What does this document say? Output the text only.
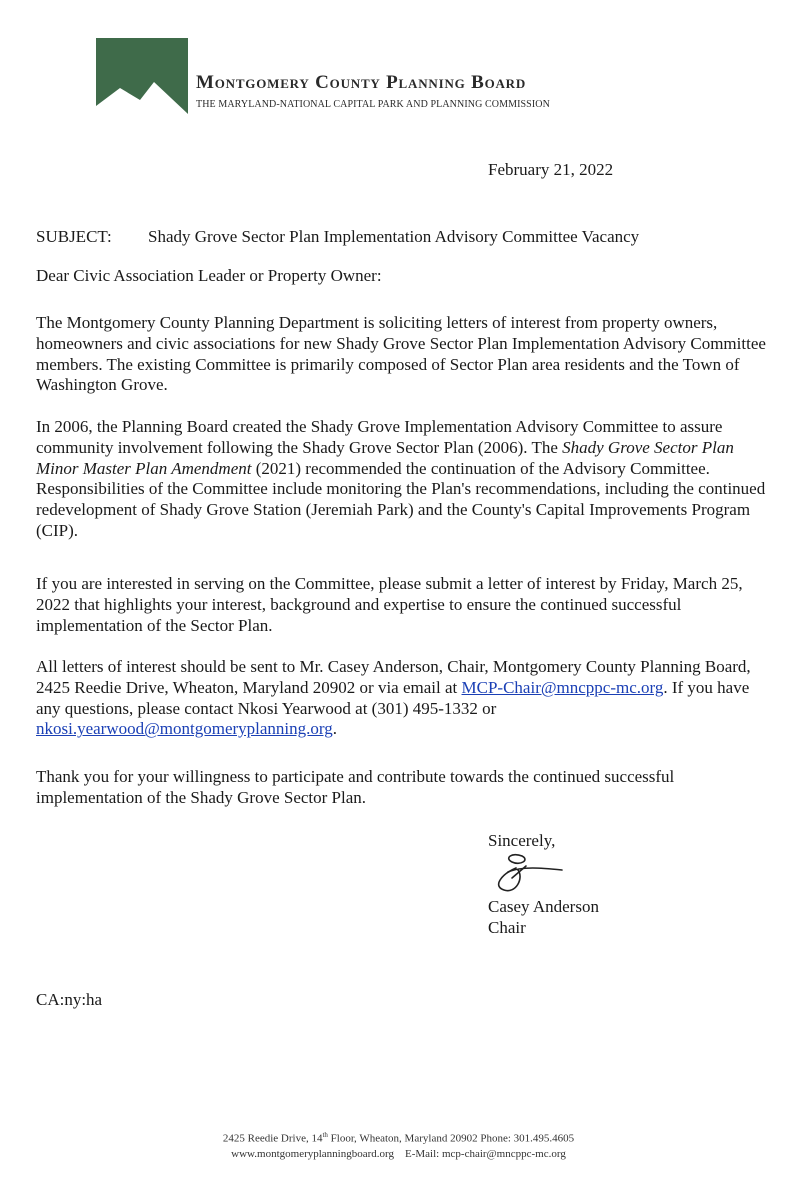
Montgomery County Planning Board

THE MARYLAND-NATIONAL CAPITAL PARK AND PLANNING COMMISSION

February 21, 2022

SUBJECT: Shady Grove Sector Plan Implementation Advisory Committee Vacancy

Dear Civic Association Leader or Property Owner:

The Montgomery County Planning Department is soliciting letters of interest from property owners, homeowners and civic associations for new Shady Grove Sector Plan Implementation Advisory Committee members. The existing Committee is primarily composed of Sector Plan area residents and the Town of Washington Grove.

In 2006, the Planning Board created the Shady Grove Implementation Advisory Committee to assure community involvement following the Shady Grove Sector Plan (2006). The Shady Grove Sector Plan Minor Master Plan Amendment (2021) recommended the continuation of the Advisory Committee. Responsibilities of the Committee include monitoring the Plan's recommendations, including the continued redevelopment of Shady Grove Station (Jeremiah Park) and the County's Capital Improvements Program (CIP).

If you are interested in serving on the Committee, please submit a letter of interest by Friday, March 25, 2022 that highlights your interest, background and expertise to ensure the continued successful implementation of the Sector Plan.

All letters of interest should be sent to Mr. Casey Anderson, Chair, Montgomery County Planning Board, 2425 Reedie Drive, Wheaton, Maryland 20902 or via email at MCP-Chair@mncppc-mc.org. If you have any questions, please contact Nkosi Yearwood at (301) 495-1332 or nkosi.yearwood@montgomeryplanning.org.

Thank you for your willingness to participate and contribute towards the continued successful implementation of the Shady Grove Sector Plan.

Sincerely,

Casey Anderson

Chair

CA:ny:ha

2425 Reedie Drive, 14th Floor, Wheaton, Maryland 20902 Phone: 301.495.4605

www.montgomeryplanningboard.org E-Mail: mcp-chair@mncppc-mc.org
